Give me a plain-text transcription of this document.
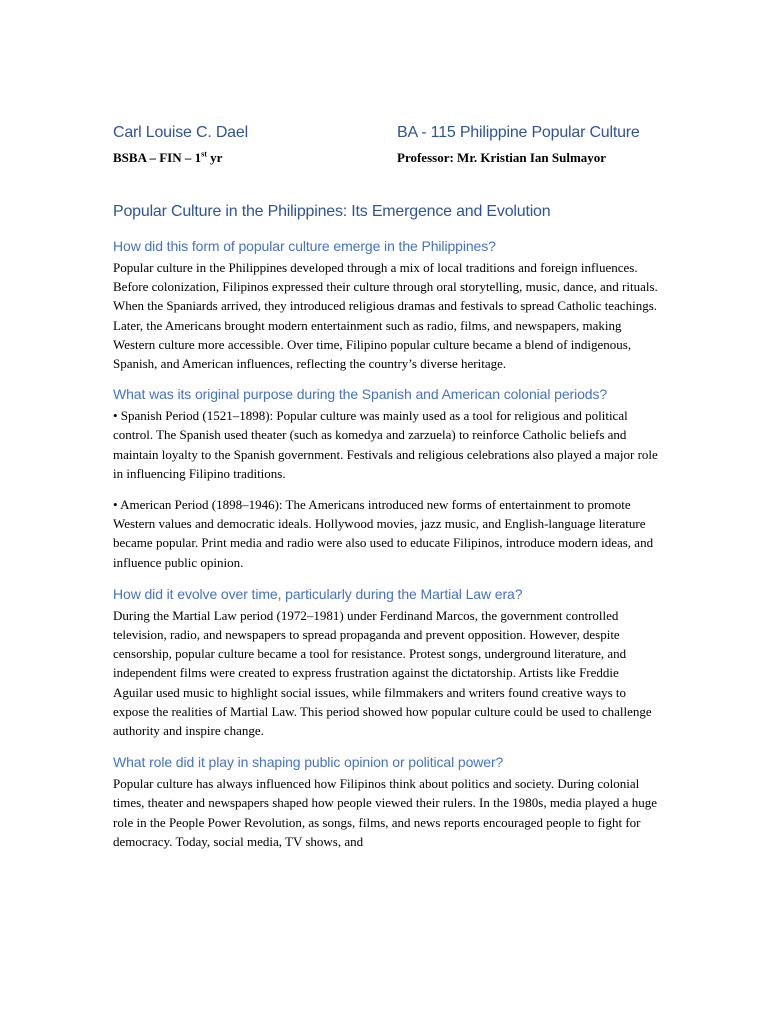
Carl Louise C. Dael	BA - 115 Philippine Popular Culture
BSBA – FIN – 1st yr	Professor: Mr. Kristian Ian Sulmayor
Popular Culture in the Philippines: Its Emergence and Evolution
How did this form of popular culture emerge in the Philippines?

Popular culture in the Philippines developed through a mix of local traditions and foreign influences. Before colonization, Filipinos expressed their culture through oral storytelling, music, dance, and rituals. When the Spaniards arrived, they introduced religious dramas and festivals to spread Catholic teachings. Later, the Americans brought modern entertainment such as radio, films, and newspapers, making Western culture more accessible. Over time, Filipino popular culture became a blend of indigenous, Spanish, and American influences, reflecting the country’s diverse heritage.

What was its original purpose during the Spanish and American colonial periods?

• Spanish Period (1521–1898): Popular culture was mainly used as a tool for religious and political control. The Spanish used theater (such as komedya and zarzuela) to reinforce Catholic beliefs and maintain loyalty to the Spanish government. Festivals and religious celebrations also played a major role in influencing Filipino traditions.

• American Period (1898–1946): The Americans introduced new forms of entertainment to promote Western values and democratic ideals. Hollywood movies, jazz music, and English-language literature became popular. Print media and radio were also used to educate Filipinos, introduce modern ideas, and influence public opinion.

How did it evolve over time, particularly during the Martial Law era?

During the Martial Law period (1972–1981) under Ferdinand Marcos, the government controlled television, radio, and newspapers to spread propaganda and prevent opposition. However, despite censorship, popular culture became a tool for resistance. Protest songs, underground literature, and independent films were created to express frustration against the dictatorship. Artists like Freddie Aguilar used music to highlight social issues, while filmmakers and writers found creative ways to expose the realities of Martial Law. This period showed how popular culture could be used to challenge authority and inspire change.

What role did it play in shaping public opinion or political power?

Popular culture has always influenced how Filipinos think about politics and society. During colonial times, theater and newspapers shaped how people viewed their rulers. In the 1980s, media played a huge role in the People Power Revolution, as songs, films, and news reports encouraged people to fight for democracy. Today, social media, TV shows, and
